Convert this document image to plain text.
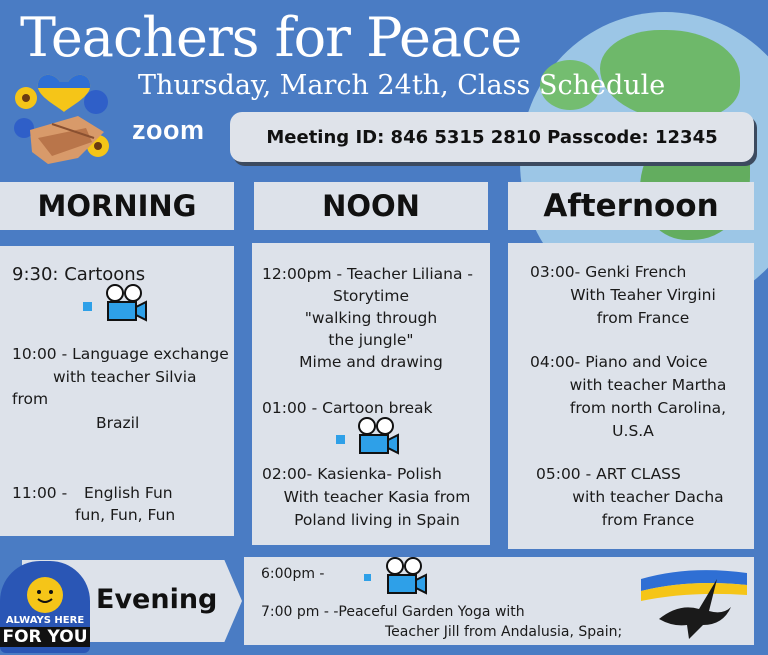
Teachers for Peace
Thursday, March 24th, Class Schedule
zoom	Meeting ID: 846 5315 2810 Passcode: 12345
MORNING	NOON	Afternoon
9:30: Cartoons
10:00 - Language exchange
with teacher Silvia
from
Brazil
11:00 - English Fun
fun, Fun, Fun
12:00pm - Teacher Liliana -
Storytime
"walking through
the jungle"
Mime and drawing
01:00 - Cartoon break
02:00- Kasienka- Polish
With teacher Kasia from
Poland living in Spain
03:00- Genki French
With Teaher Virgini
from France
04:00- Piano and Voice
with teacher Martha
from north Carolina,
U.S.A
05:00 - ART CLASS
with teacher Dacha
from France
Evening
ALWAYS HERE
FOR YOU
6:00pm -
7:00 pm - -Peaceful Garden Yoga with
Teacher Jill from Andalusia, Spain;
